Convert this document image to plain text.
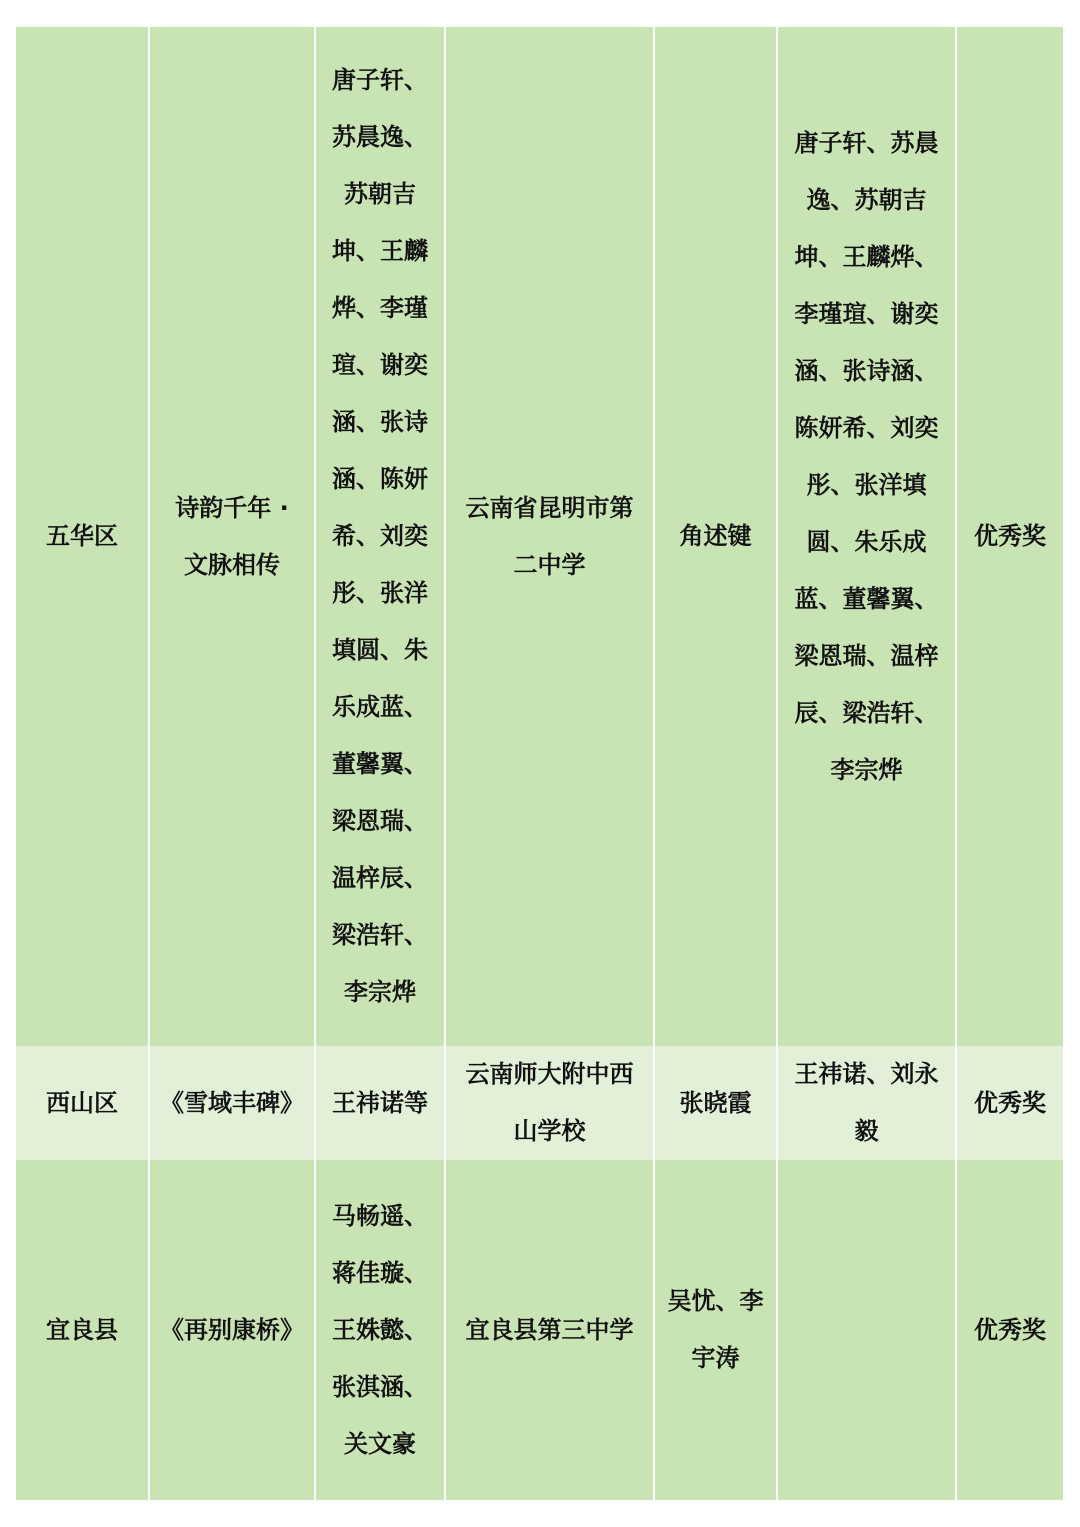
五华区	诗韵千年 · 文脉相传	唐子轩、苏晨逸、苏朝吉坤、王麟烨、李瑾瑄、谢奕涵、张诗涵、陈妍希、刘奕彤、张洋填圆、朱乐成蓝、董馨翼、梁恩瑞、温梓辰、梁浩轩、李宗烨	云南省昆明市第二中学	角述键	唐子轩、苏晨逸、苏朝吉坤、王麟烨、李瑾瑄、谢奕涵、张诗涵、陈妍希、刘奕彤、张洋填圆、朱乐成蓝、董馨翼、梁恩瑞、温梓辰、梁浩轩、李宗烨	优秀奖

西山区	《雪域丰碑》	王祎诺等	云南师大附中西山学校	张晓霞	王祎诺、刘永毅	优秀奖

宜良县	《再别康桥》	马畅遥、蒋佳璇、王姝懿、张淇涵、关文豪	宜良县第三中学	吴忧、李宇涛		优秀奖
